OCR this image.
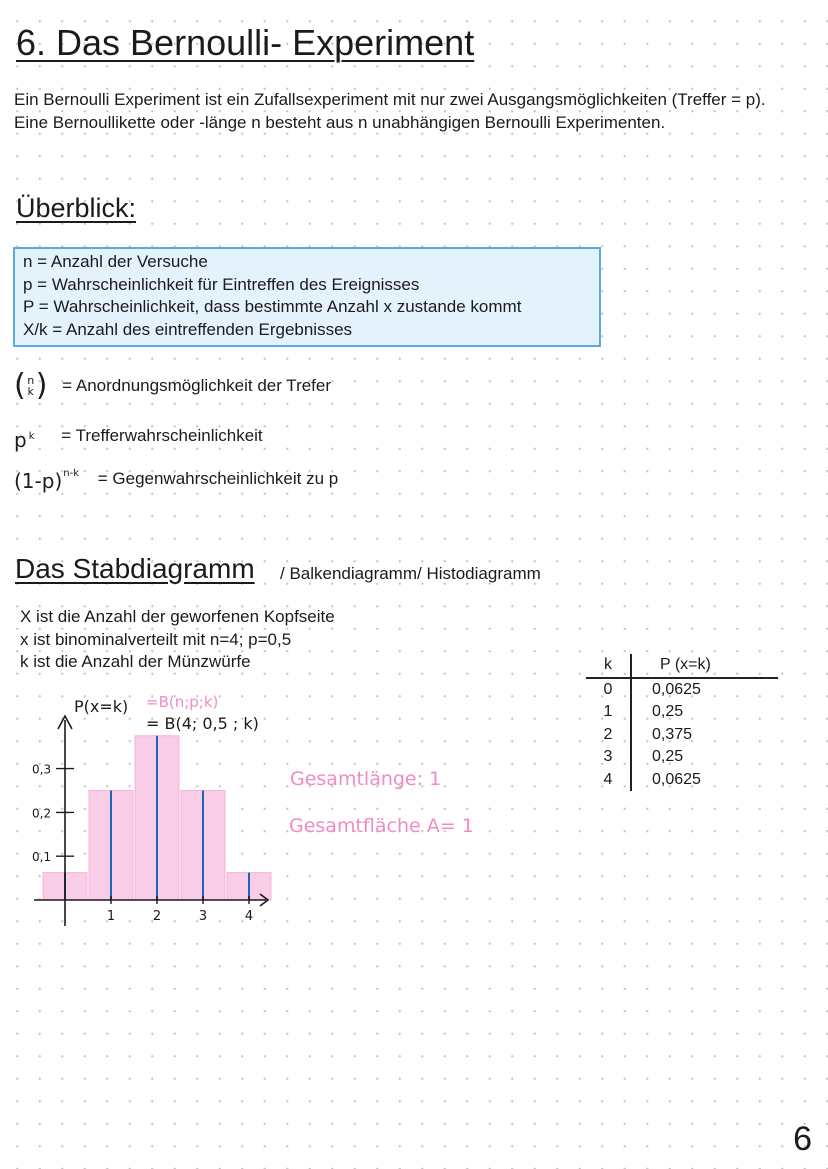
6. Das Bernoulli- Experiment

Ein Bernoulli Experiment ist ein Zufallsexperiment mit nur zwei Ausgangsmöglichkeiten (Treffer = p). Eine Bernoullikette oder -länge n besteht aus n unabhängigen Bernoulli Experimenten.

Überblick:
n = Anzahl der Versuche
p = Wahrscheinlichkeit für Eintreffen des Ereignisses
P = Wahrscheinlichkeit, dass bestimmte Anzahl x zustande kommt
X/k = Anzahl des eintreffenden Ergebnisses
( n
k) = Anordnungsmöglichkeit der Trefer
p $^k$ = Trefferwahrscheinlichkeit
$(1-p)^{n-k}$ = Gegenwahrscheinlichkeit zu p
Das Stabdiagramm / Balkendiagramm/ Histodiagramm
X ist die Anzahl der geworfenen Kopfseite
x ist binominalverteilt mit n=4; p=0,5
k ist die Anzahl der Münzwürfe
0,1
0,2
0,3
1	2	3	4
P(x=k) =B(n;p;k)
= B(4; 0,5 ; k)
Gesamtlänge: 1
Gesamtfläche A= 1
k	P (x=k)
0	0,0625
1	0,25
2	0,375
3	0,25
4	0,0625
6
